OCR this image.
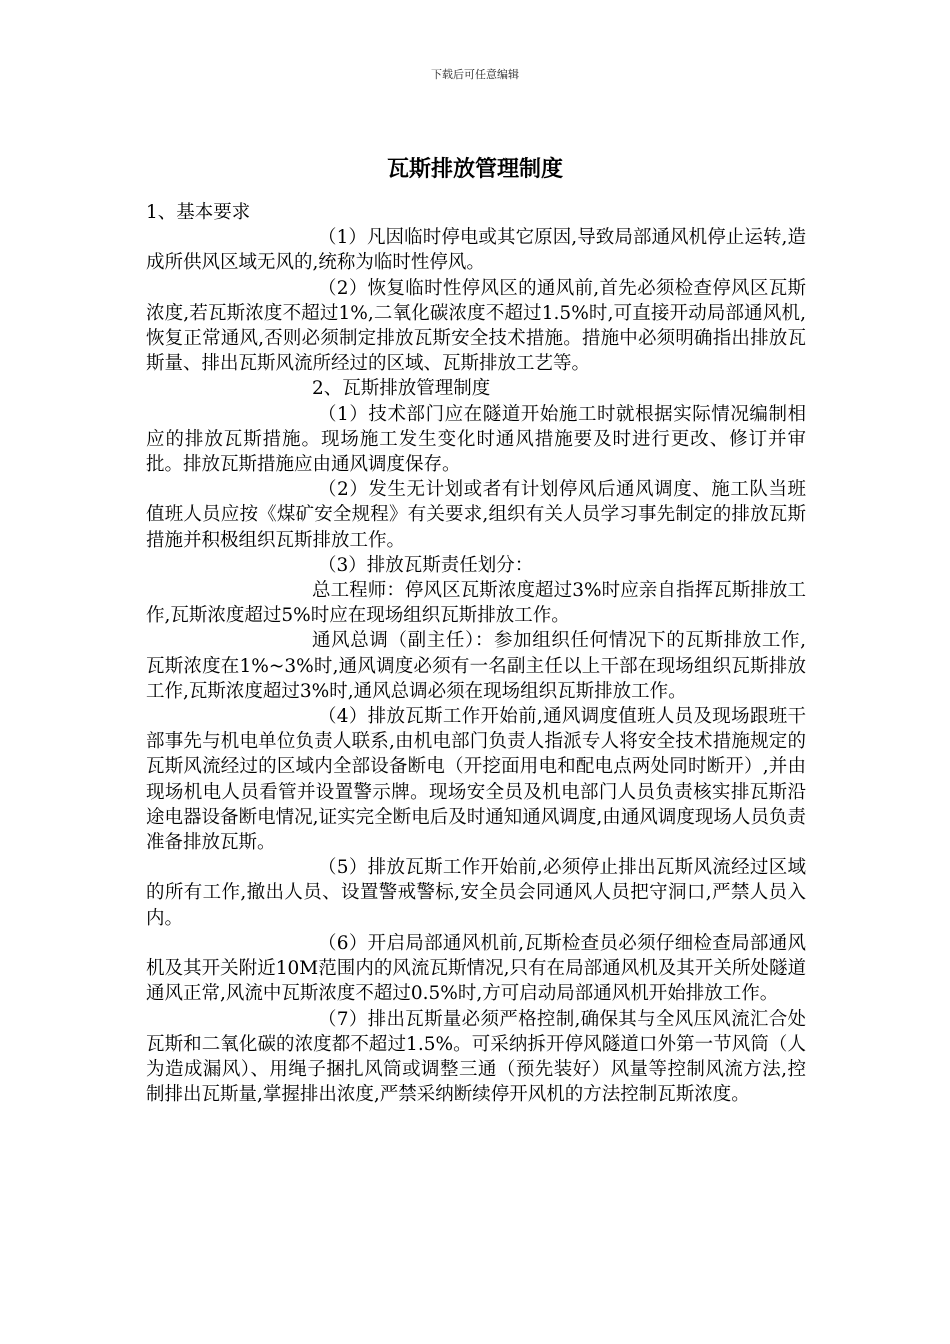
下载后可任意编辑
瓦斯排放管理制度

1、基本要求

（1）凡因临时停电或其它原因,导致局部通风机停止运转,造成所供风区域无风的,统称为临时性停风。

（2）恢复临时性停风区的通风前,首先必须检查停风区瓦斯浓度,若瓦斯浓度不超过1%,二氧化碳浓度不超过1.5%时,可直接开动局部通风机,恢复正常通风,否则必须制定排放瓦斯安全技术措施。措施中必须明确指出排放瓦斯量、排出瓦斯风流所经过的区域、瓦斯排放工艺等。

2、瓦斯排放管理制度

（1）技术部门应在隧道开始施工时就根据实际情况编制相应的排放瓦斯措施。现场施工发生变化时通风措施要及时进行更改、修订并审批。排放瓦斯措施应由通风调度保存。

（2）发生无计划或者有计划停风后通风调度、施工队当班值班人员应按《煤矿安全规程》有关要求,组织有关人员学习事先制定的排放瓦斯措施并积极组织瓦斯排放工作。

（3）排放瓦斯责任划分：

总工程师：停风区瓦斯浓度超过3%时应亲自指挥瓦斯排放工作,瓦斯浓度超过5%时应在现场组织瓦斯排放工作。

通风总调（副主任）：参加组织任何情况下的瓦斯排放工作,瓦斯浓度在1%~3%时,通风调度必须有一名副主任以上干部在现场组织瓦斯排放工作,瓦斯浓度超过3%时,通风总调必须在现场组织瓦斯排放工作。

（4）排放瓦斯工作开始前,通风调度值班人员及现场跟班干部事先与机电单位负责人联系,由机电部门负责人指派专人将安全技术措施规定的瓦斯风流经过的区域内全部设备断电（开挖面用电和配电点两处同时断开）,并由现场机电人员看管并设置警示牌。现场安全员及机电部门人员负责核实排瓦斯沿途电器设备断电情况,证实完全断电后及时通知通风调度,由通风调度现场人员负责准备排放瓦斯。

（5）排放瓦斯工作开始前,必须停止排出瓦斯风流经过区域的所有工作,撤出人员、设置警戒警标,安全员会同通风人员把守洞口,严禁人员入内。

（6）开启局部通风机前,瓦斯检查员必须仔细检查局部通风机及其开关附近10M范围内的风流瓦斯情况,只有在局部通风机及其开关所处隧道通风正常,风流中瓦斯浓度不超过0.5%时,方可启动局部通风机开始排放工作。

（7）排出瓦斯量必须严格控制,确保其与全风压风流汇合处瓦斯和二氧化碳的浓度都不超过1.5%。可采纳拆开停风隧道口外第一节风筒（人为造成漏风）、用绳子捆扎风筒或调整三通（预先装好）风量等控制风流方法,控制排出瓦斯量,掌握排出浓度,严禁采纳断续停开风机的方法控制瓦斯浓度。
